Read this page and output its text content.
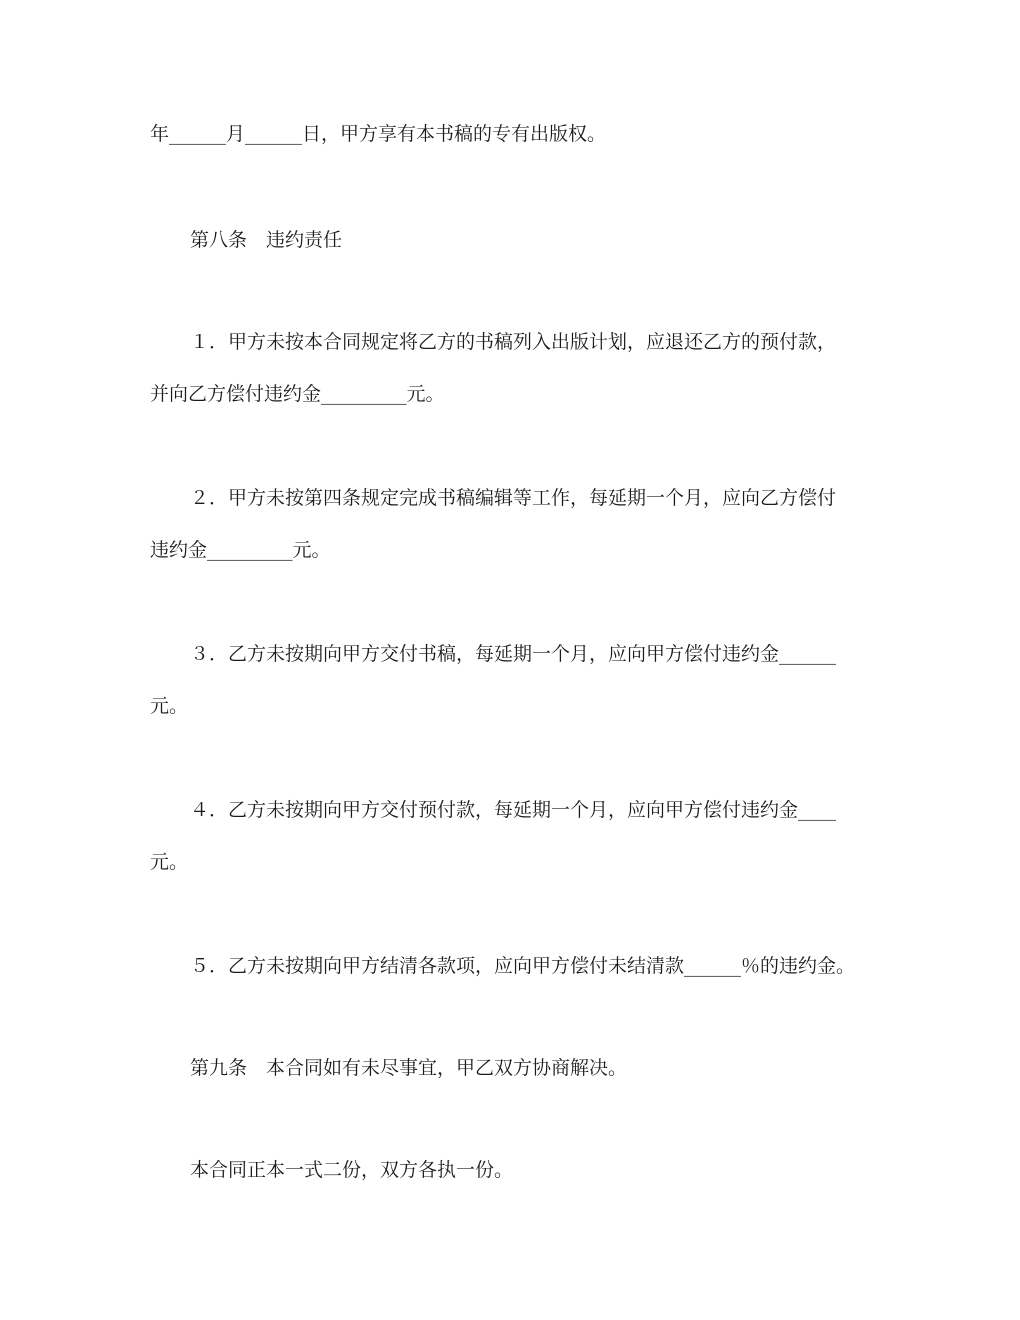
年______月______日，甲方享有本书稿的专有出版权。
第八条　违约责任
１．甲方未按本合同规定将乙方的书稿列入出版计划，应退还乙方的预付款，
并向乙方偿付违约金_________元。
２．甲方未按第四条规定完成书稿编辑等工作，每延期一个月，应向乙方偿付
违约金_________元。
３．乙方未按期向甲方交付书稿，每延期一个月，应向甲方偿付违约金______
元。
４．乙方未按期向甲方交付预付款，每延期一个月，应向甲方偿付违约金____
元。
５．乙方未按期向甲方结清各款项，应向甲方偿付未结清款______％的违约金。
第九条　本合同如有未尽事宜，甲乙双方协商解决。
本合同正本一式二份，双方各执一份。
